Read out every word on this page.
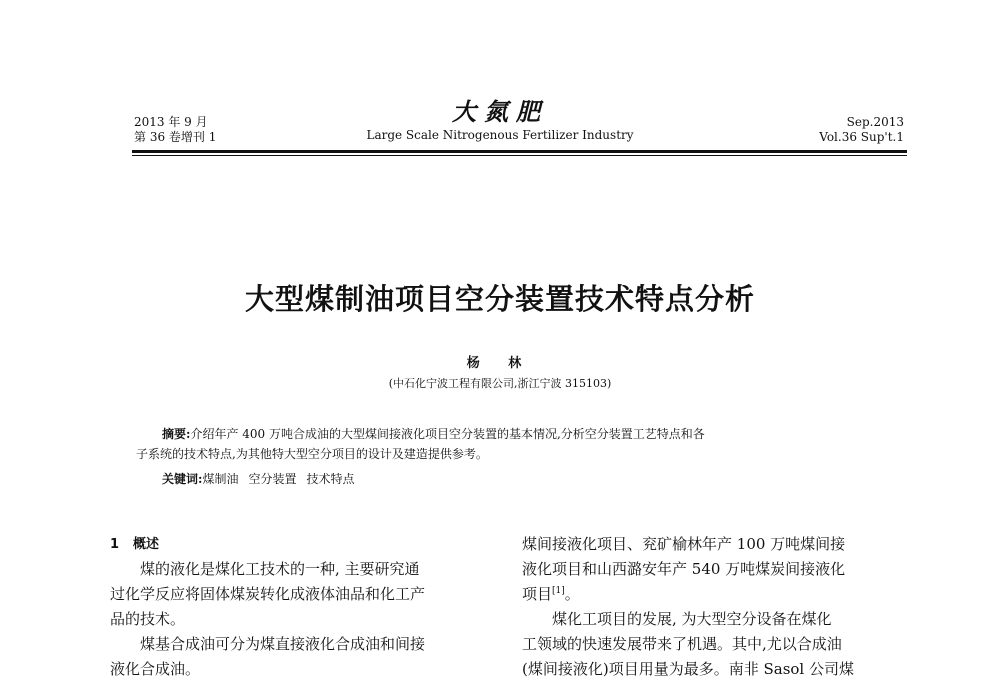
2013 年 9 月
第 36 卷增刊 1
大氮肥
Large Scale Nitrogenous Fertilizer Industry
Sep.2013
Vol.36 Sup't.1
大型煤制油项目空分装置技术特点分析
杨 林
(中石化宁波工程有限公司,浙江宁波 315103)
摘要:介绍年产 400 万吨合成油的大型煤间接液化项目空分装置的基本情况,分析空分装置工艺特点和各
子系统的技术特点,为其他特大型空分项目的设计及建造提供参考。
关键词:煤制油 空分装置 技术特点
1 概述
煤的液化是煤化工技术的一种, 主要研究通
过化学反应将固体煤炭转化成液体油品和化工产
品的技术。
煤基合成油可分为煤直接液化合成油和间接
液化合成油。
煤间接液化项目、兖矿榆林年产 100 万吨煤间接
液化项目和山西潞安年产 540 万吨煤炭间接液化
项目[1]。
煤化工项目的发展, 为大型空分设备在煤化
工领域的快速发展带来了机遇。其中,尤以合成油
(煤间接液化)项目用量为最多。南非 Sasol 公司煤
